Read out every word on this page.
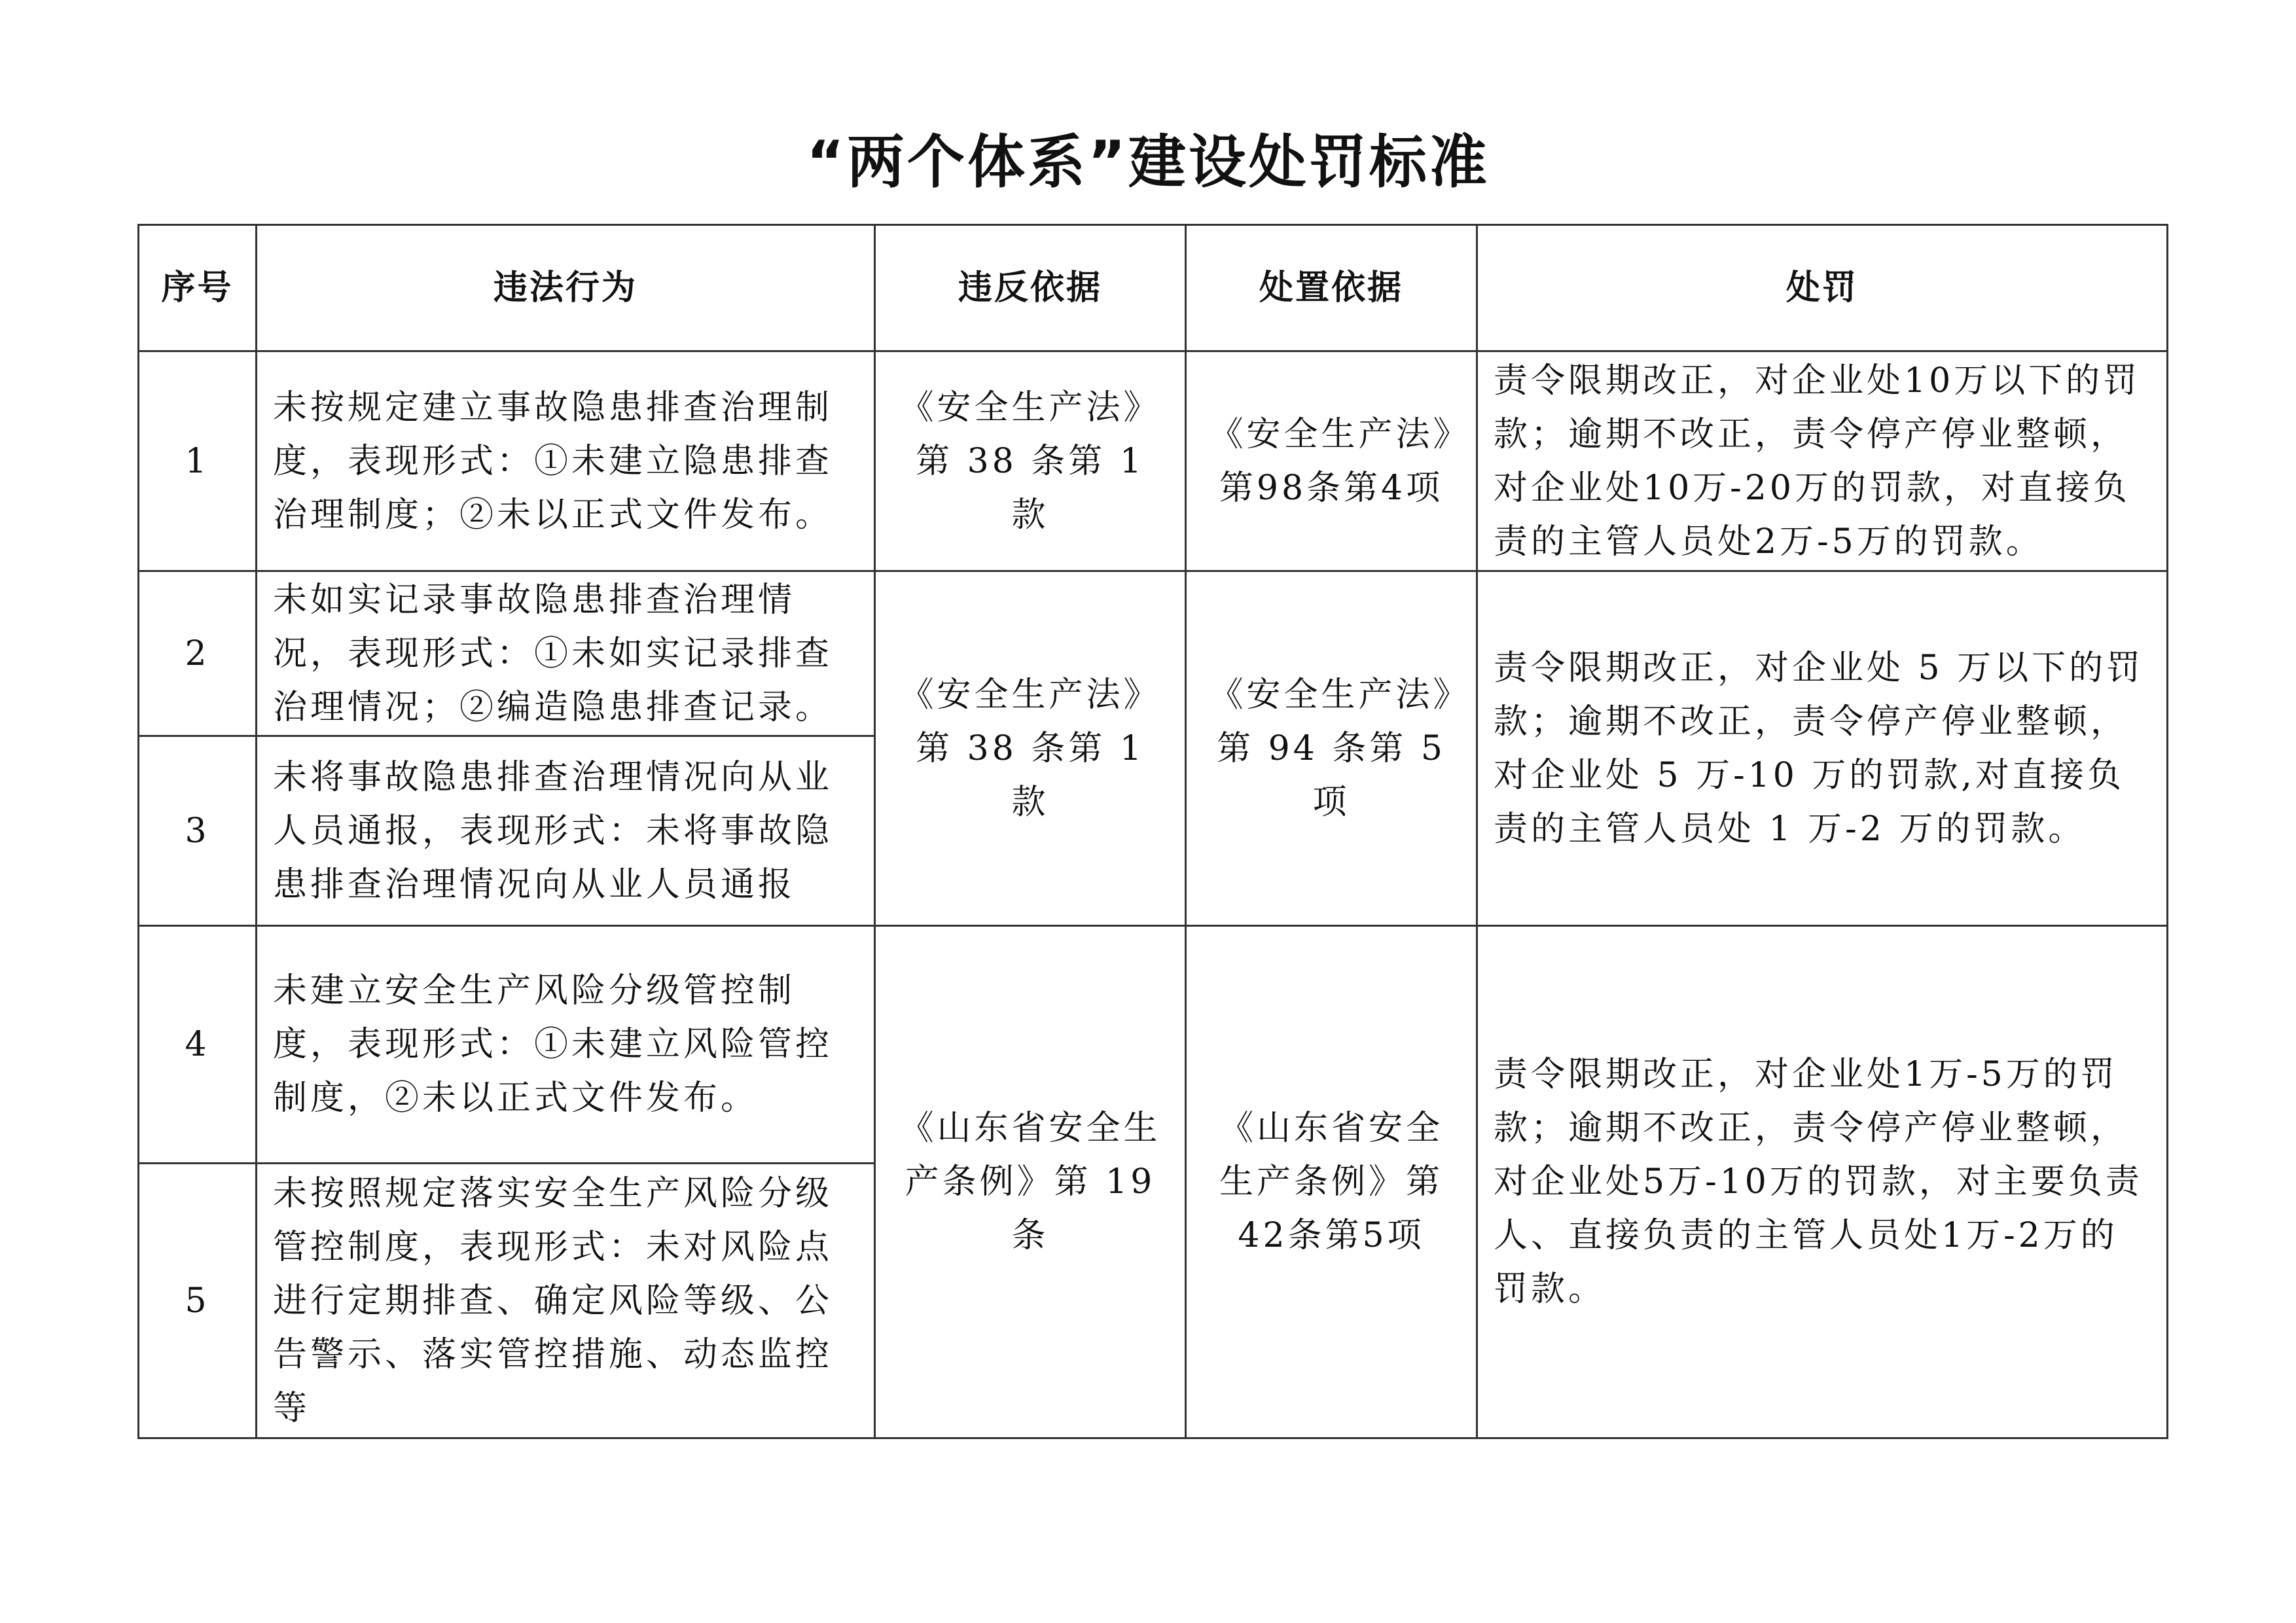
“两个体系”建设处罚标准
序号	违法行为	违反依据	处置依据	处罚
1	未按规定建立事故隐患排查治理制度，表现形式：①未建立隐患排查治理制度；②未以正式文件发布。	《安全生产法》第 38 条第 1 款	《安全生产法》第98条第4项	责令限期改正，对企业处10万以下的罚款；逾期不改正，责令停产停业整顿，对企业处10万-20万的罚款，对直接负责的主管人员处2万-5万的罚款。
2	未如实记录事故隐患排查治理情况，表现形式：①未如实记录排查治理情况；②编造隐患排查记录。	《安全生产法》第 38 条第 1 款	《安全生产法》第 94 条第 5 项	责令限期改正，对企业处 5 万以下的罚款；逾期不改正，责令停产停业整顿，对企业处 5 万-10 万的罚款,对直接负责的主管人员处 1 万-2 万的罚款。
3	未将事故隐患排查治理情况向从业人员通报，表现形式：未将事故隐患排查治理情况向从业人员通报			
4	未建立安全生产风险分级管控制度，表现形式：①未建立风险管控制度，②未以正式文件发布。	《山东省安全生产条例》第 19 条	《山东省安全生产条例》第42条第5项	责令限期改正，对企业处1万-5万的罚款；逾期不改正，责令停产停业整顿，对企业处5万-10万的罚款，对主要负责人、直接负责的主管人员处1万-2万的罚款。
5	未按照规定落实安全生产风险分级管控制度，表现形式：未对风险点进行定期排查、确定风险等级、公告警示、落实管控措施、动态监控等			
